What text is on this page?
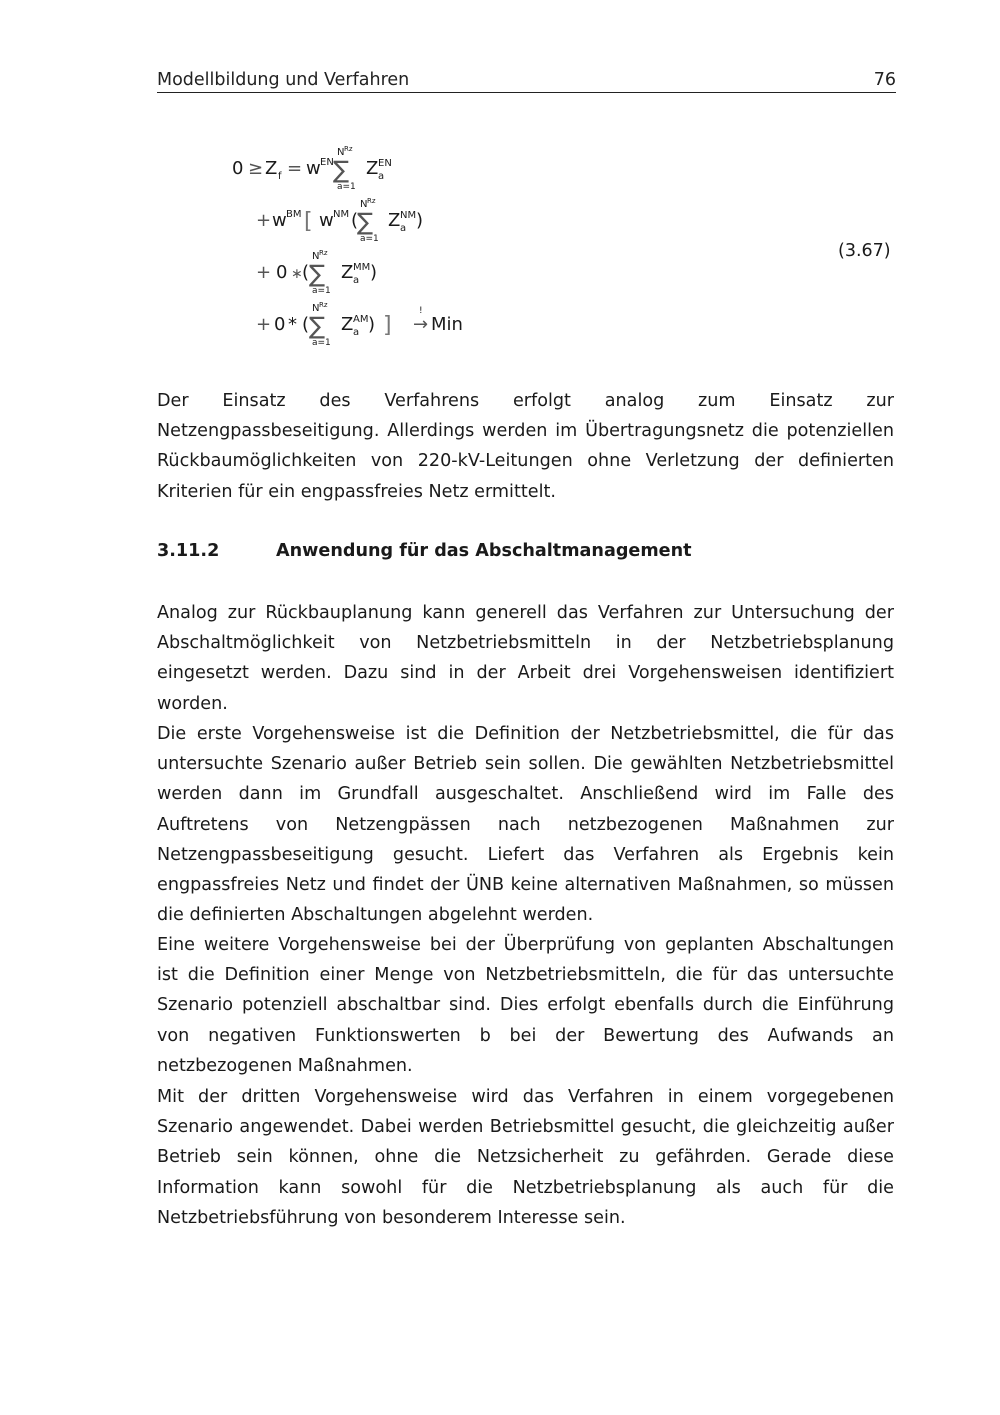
Modellbildung und Verfahren	76
0 ≥ Z f = w EN
N Rz
∑
a=1
Z EN
a
+ w BM [ w NM (
N Rz
∑
a=1
Z NM
a )
+ 0 ∗ (
N Rz
∑
a=1
Z MM
a )
+ 0 * (
N Rz
∑
a=1
Z AM
a ) ]
!
→ Min
(3.67)

Der Einsatz des Verfahrens erfolgt analog zum Einsatz zur Netzengpassbeseitigung. Allerdings werden im Übertragungsnetz die potenziellen Rückbaumöglichkeiten von 220-kV-Leitungen ohne Verletzung der definierten Kriterien für ein engpassfreies Netz ermittelt.

3.11.2	Anwendung für das Abschaltmanagement

Analog zur Rückbauplanung kann generell das Verfahren zur Untersuchung der Abschaltmöglichkeit von Netzbetriebsmitteln in der Netzbetriebsplanung eingesetzt werden. Dazu sind in der Arbeit drei Vorgehensweisen identifiziert worden.

Die erste Vorgehensweise ist die Definition der Netzbetriebsmittel, die für das untersuchte Szenario außer Betrieb sein sollen. Die gewählten Netzbetriebsmittel werden dann im Grundfall ausgeschaltet. Anschließend wird im Falle des Auftretens von Netzengpässen nach netzbezogenen Maßnahmen zur Netzengpassbeseitigung gesucht. Liefert das Verfahren als Ergebnis kein engpassfreies Netz und findet der ÜNB keine alternativen Maßnahmen, so müssen die definierten Abschaltungen abgelehnt werden.

Eine weitere Vorgehensweise bei der Überprüfung von geplanten Abschaltungen ist die Definition einer Menge von Netzbetriebsmitteln, die für das untersuchte Szenario potenziell abschaltbar sind. Dies erfolgt ebenfalls durch die Einführung von negativen Funktionswerten b bei der Bewertung des Aufwands an netzbezogenen Maßnahmen.

Mit der dritten Vorgehensweise wird das Verfahren in einem vorgegebenen Szenario angewendet. Dabei werden Betriebsmittel gesucht, die gleichzeitig außer Betrieb sein können, ohne die Netzsicherheit zu gefährden. Gerade diese Information kann sowohl für die Netzbetriebsplanung als auch für die Netzbetriebsführung von besonderem Interesse sein.
